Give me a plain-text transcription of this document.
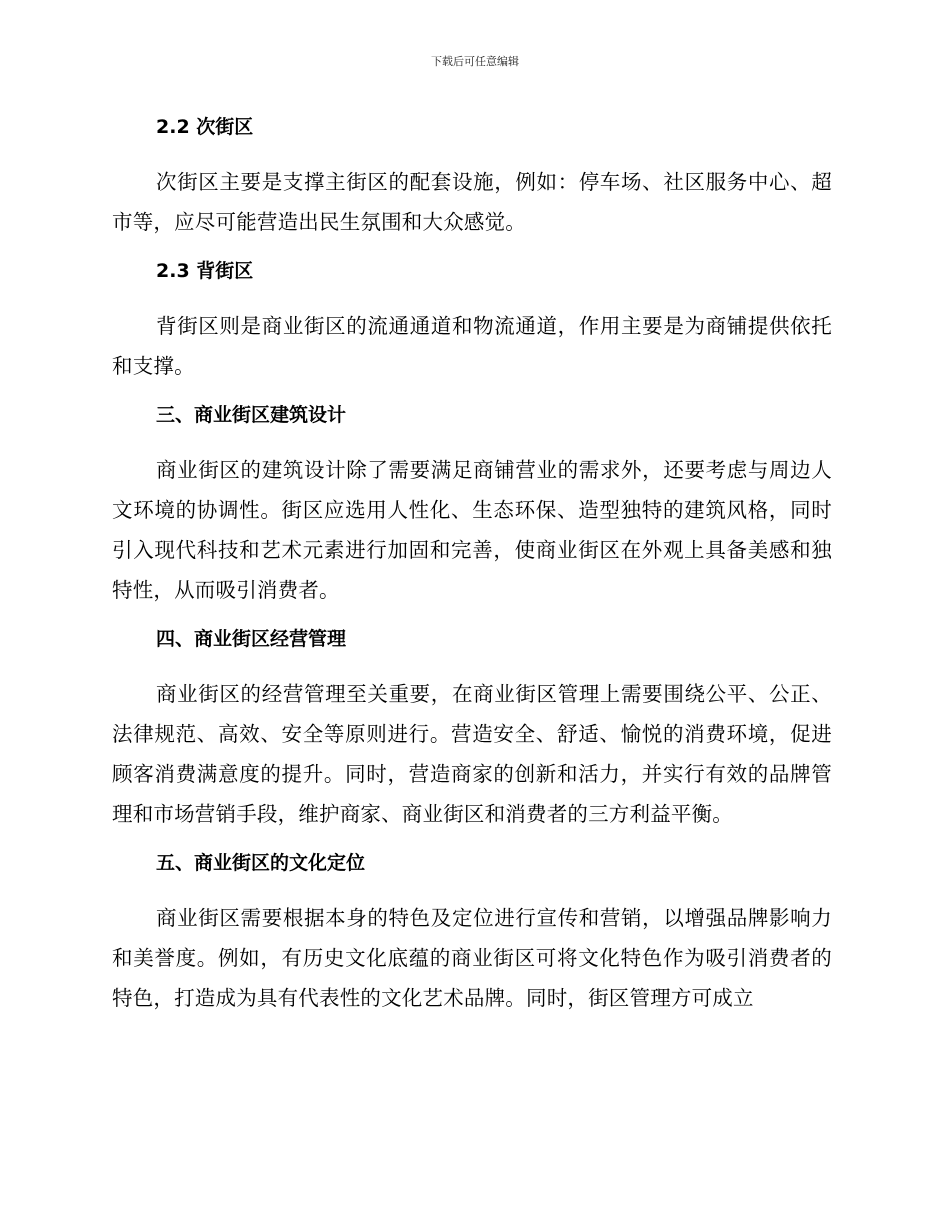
下载后可任意编辑
2.2 次街区

次街区主要是支撑主街区的配套设施，例如：停车场、社区服务中心、超市等，应尽可能营造出民生氛围和大众感觉。

2.3 背街区

背街区则是商业街区的流通通道和物流通道，作用主要是为商铺提供依托和支撑。

三、商业街区建筑设计

商业街区的建筑设计除了需要满足商铺营业的需求外，还要考虑与周边人文环境的协调性。街区应选用人性化、生态环保、造型独特的建筑风格，同时引入现代科技和艺术元素进行加固和完善，使商业街区在外观上具备美感和独特性，从而吸引消费者。

四、商业街区经营管理

商业街区的经营管理至关重要，在商业街区管理上需要围绕公平、公正、法律规范、高效、安全等原则进行。营造安全、舒适、愉悦的消费环境，促进顾客消费满意度的提升。同时，营造商家的创新和活力，并实行有效的品牌管理和市场营销手段，维护商家、商业街区和消费者的三方利益平衡。

五、商业街区的文化定位

商业街区需要根据本身的特色及定位进行宣传和营销，以增强品牌影响力和美誉度。例如，有历史文化底蕴的商业街区可将文化特色作为吸引消费者的特色，打造成为具有代表性的文化艺术品牌。同时，街区管理方可成立
